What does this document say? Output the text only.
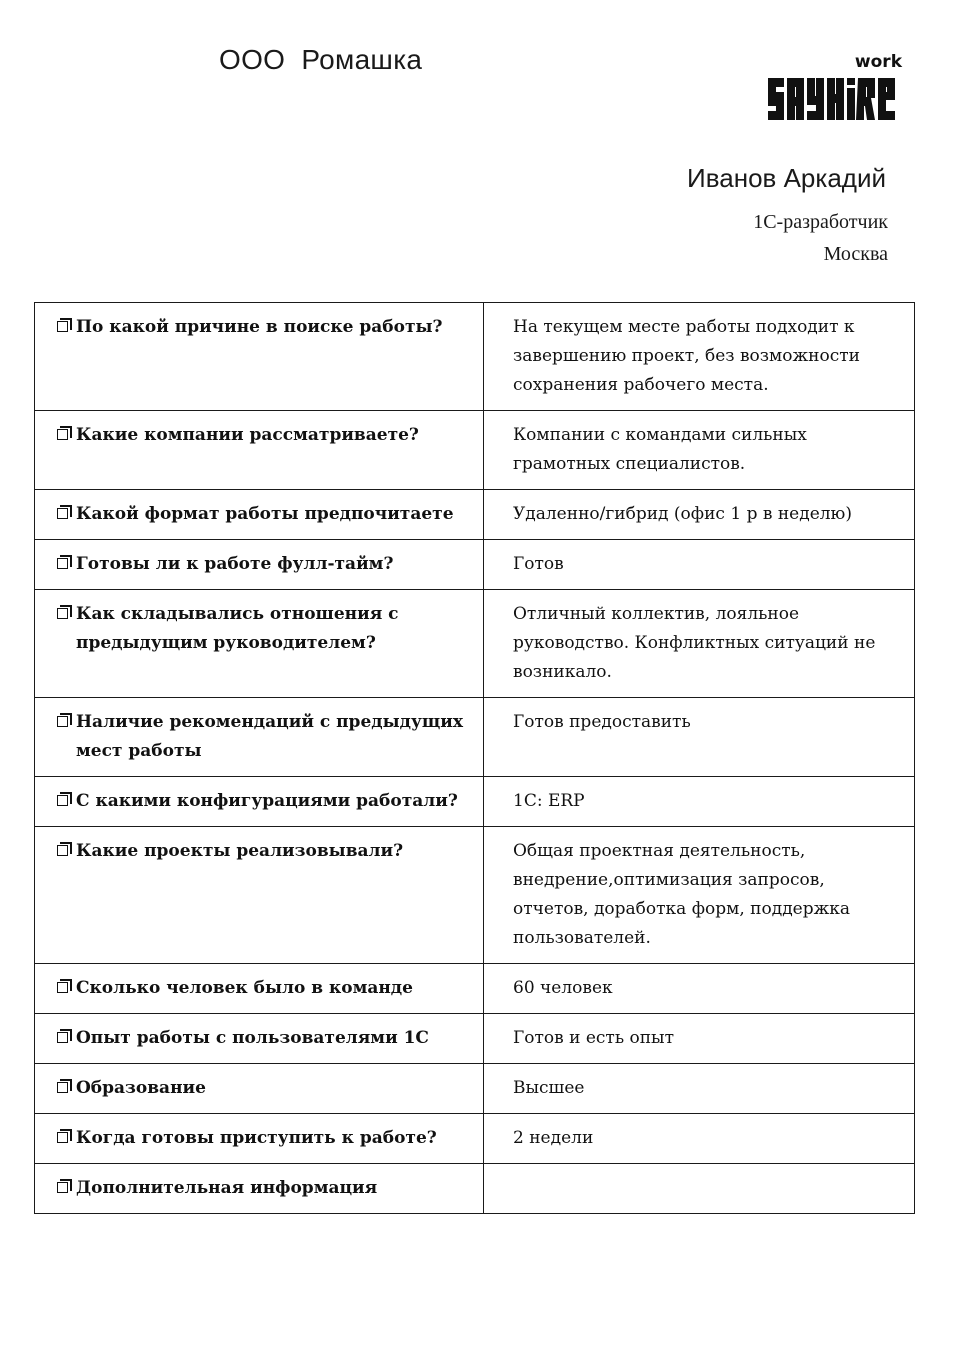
ООО  Ромашка	work
Иванов Аркадий
1С-разработчик
Москва
По какой причине в поиске работы?	На текущем месте работы подходит к завершению проект, без возможности сохранения рабочего места.

Какие компании рассматриваете?	Компании с командами сильных грамотных специалистов.

Какой формат работы предпочитаете	Удаленно/гибрид (офис 1 р в неделю)

Готовы ли к работе фулл-тайм?	Готов

Как складывались отношения с предыдущим руководителем?	Отличный коллектив, лояльное руководство. Конфликтных ситуаций не возникало.

Наличие рекомендаций с предыдущих мест работы	Готов предоставить

С какими конфигурациями работали?	1С: ERP

Какие проекты реализовывали?	Общая проектная деятельность, внедрение,оптимизация запросов, отчетов, доработка форм, поддержка пользователей.

Сколько человек было в команде	60 человек

Опыт работы с пользователями 1С	Готов и есть опыт

Образование	Высшее

Когда готовы приступить к работе?	2 недели

Дополнительная информация	
